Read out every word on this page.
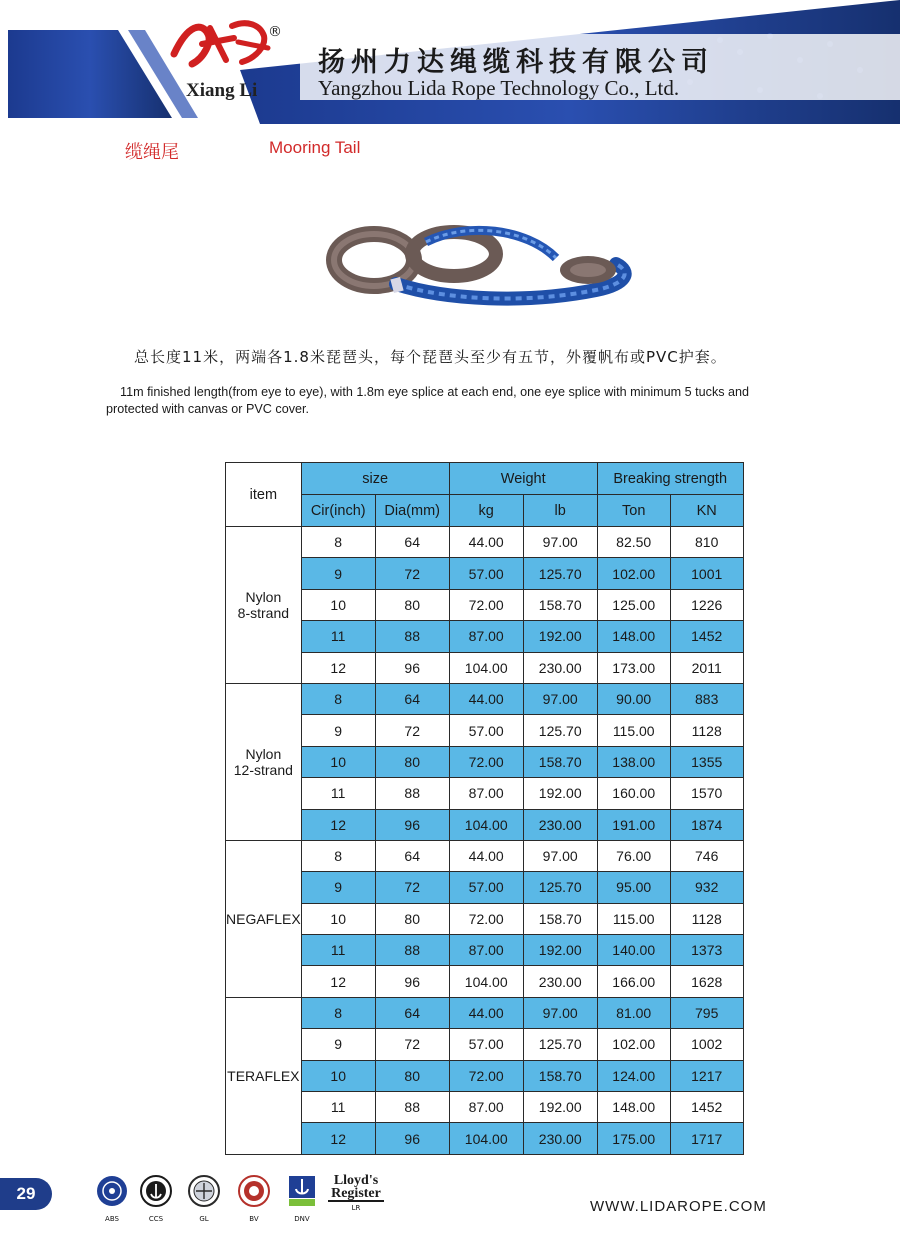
®
Xiang Li
扬州力达绳缆科技有限公司
Yangzhou Lida Rope Technology Co., Ltd.
缆绳尾	Mooring Tail
总长度11米，两端各1.8米琵琶头，每个琵琶头至少有五节，外覆帆布或PVC护套。
11m finished length(from eye to eye), with 1.8m eye splice at each end, one eye splice with minimum 5 tucks and
protected with canvas or PVC cover.
item	size		Weight		Breaking strength	
	Cir(inch)	Dia(mm)	kg	lb	Ton	KN
Nylon
8-strand	8	64	44.00	97.00	82.50	810
	9	72	57.00	125.70	102.00	1001
	10	80	72.00	158.70	125.00	1226
	11	88	87.00	192.00	148.00	1452
	12	96	104.00	230.00	173.00	2011
Nylon
12-strand	8	64	44.00	97.00	90.00	883
	9	72	57.00	125.70	115.00	1128
	10	80	72.00	158.70	138.00	1355
	11	88	87.00	192.00	160.00	1570
	12	96	104.00	230.00	191.00	1874
NEGAFLEX	8	64	44.00	97.00	76.00	746
	9	72	57.00	125.70	95.00	932
	10	80	72.00	158.70	115.00	1128
	11	88	87.00	192.00	140.00	1373
	12	96	104.00	230.00	166.00	1628
TERAFLEX	8	64	44.00	97.00	81.00	795
	9	72	57.00	125.70	102.00	1002
	10	80	72.00	158.70	124.00	1217
	11	88	87.00	192.00	148.00	1452
	12	96	104.00	230.00	175.00	1717
29
ABS	CCS	GL	BV	DNV
Lloyd's
Register
LR	WWW.LIDAROPE.COM
